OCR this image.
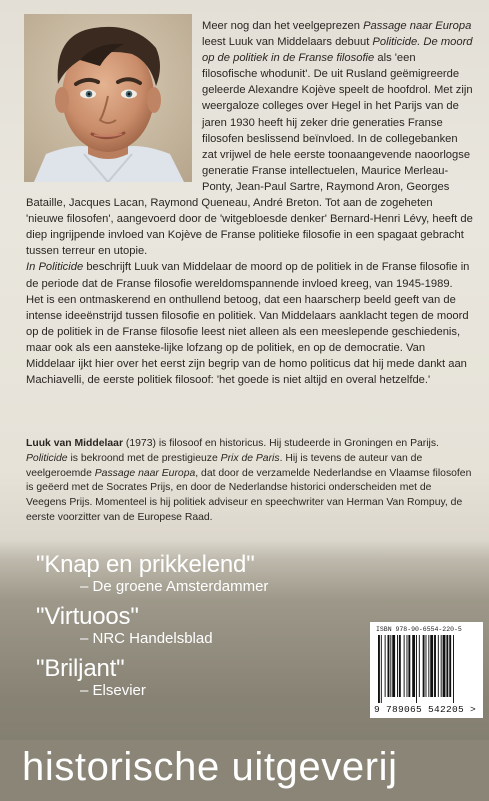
Meer nog dan het veelgeprezen Passage naar Europa leest Luuk van Middelaars debuut Politicide. De moord op de politiek in de Franse filosofie als 'een filosofische whodunit'. De uit Rusland geëmigreerde geleerde Alexandre Kojève speelt de hoofdrol. Met zijn weergaloze colleges over Hegel in het Parijs van de jaren 1930 heeft hij zeker drie generaties Franse filosofen beslissend beïnvloed. In de collegebanken zat vrijwel de hele eerste toonaangevende naoorlogse generatie Franse intellectuelen, Maurice Merleau-Ponty, Jean-Paul Sartre, Raymond Aron, Georges Bataille, Jacques Lacan, Raymond Queneau, André Breton. Tot aan de zogeheten 'nieuwe filosofen', aangevoerd door de 'witgebloesde denker' Bernard-Henri Lévy, heeft de diep ingrijpende invloed van Kojève de Franse politieke filosofie in een spagaat gebracht tussen terreur en utopie.

In Politicide beschrijft Luuk van Middelaar de moord op de politiek in de Franse filosofie in de periode dat de Franse filosofie wereldomspannende invloed kreeg, van 1945-1989. Het is een ontmaskerend en onthullend betoog, dat een haarscherp beeld geeft van de intense ideeënstrijd tussen filosofie en politiek. Van Middelaars aanklacht tegen de moord op de politiek in de Franse filosofie leest niet alleen als een meeslepende geschiedenis, maar ook als een aansteke-lijke lofzang op de politiek, en op de democratie. Van Middelaar ijkt hier over het eerst zijn begrip van de homo politicus dat hij mede dankt aan Machiavelli, de eerste politiek filosoof: 'het goede is niet altijd en overal hetzelfde.'

Luuk van Middelaar (1973) is filosoof en historicus. Hij studeerde in Groningen en Parijs. Politicide is bekroond met de prestigieuze Prix de Paris. Hij is tevens de auteur van de veelgeroemde Passage naar Europa, dat door de verzamelde Nederlandse en Vlaamse filosofen is geëerd met de Socrates Prijs, en door de Nederlandse historici onderscheiden met de Veegens Prijs. Momenteel is hij politiek adviseur en speechwriter van Herman Van Rompuy, de eerste voorzitter van de Europese Raad.

"Knap en prikkelend"
– De groene Amsterdammer
"Virtuoos"
– NRC Handelsblad
"Briljant"
– Elsevier
ISBN 978-90-6554-220-5
9 789065 542205 >
historische uitgeverij
